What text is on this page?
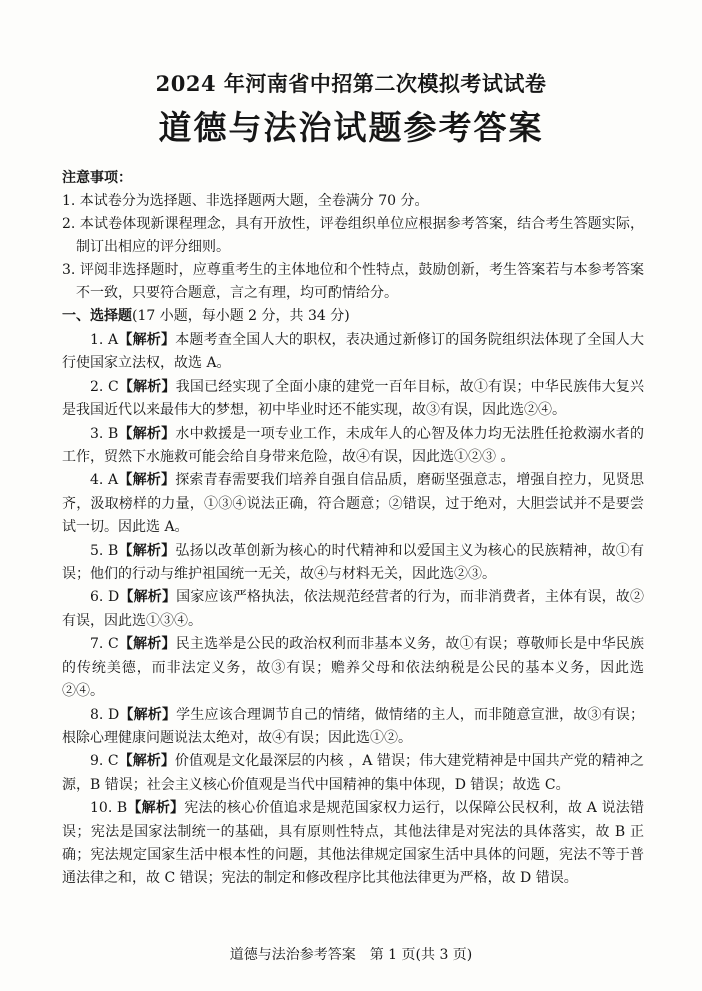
2024 年河南省中招第二次模拟考试试卷
道德与法治试题参考答案
注意事项：

1. 本试卷分为选择题、非选择题两大题，全卷满分 70 分。

2. 本试卷体现新课程理念，具有开放性，评卷组织单位应根据参考答案，结合考生答题实际，制订出相应的评分细则。

3. 评阅非选择题时，应尊重考生的主体地位和个性特点，鼓励创新，考生答案若与本参考答案不一致，只要符合题意，言之有理，均可酌情给分。

一、选择题(17 小题，每小题 2 分，共 34 分)

1. A【解析】本题考查全国人大的职权，表决通过新修订的国务院组织法体现了全国人大行使国家立法权，故选 A。

2. C【解析】我国已经实现了全面小康的建党一百年目标，故①有误；中华民族伟大复兴是我国近代以来最伟大的梦想，初中毕业时还不能实现，故③有误，因此选②④。

3. B【解析】水中救援是一项专业工作，未成年人的心智及体力均无法胜任抢救溺水者的工作，贸然下水施救可能会给自身带来危险，故④有误，因此选①②③ 。

4. A【解析】探索青春需要我们培养自强自信品质，磨砺坚强意志，增强自控力，见贤思齐，汲取榜样的力量，①③④说法正确，符合题意；②错误，过于绝对，大胆尝试并不是要尝试一切。因此选 A。

5. B【解析】弘扬以改革创新为核心的时代精神和以爱国主义为核心的民族精神，故①有误；他们的行动与维护祖国统一无关，故④与材料无关，因此选②③。

6. D【解析】国家应该严格执法，依法规范经营者的行为，而非消费者，主体有误，故②有误，因此选①③④。

7. C【解析】民主选举是公民的政治权利而非基本义务，故①有误；尊敬师长是中华民族的传统美德，而非法定义务，故③有误；赡养父母和依法纳税是公民的基本义务，因此选②④。

8. D【解析】学生应该合理调节自己的情绪，做情绪的主人，而非随意宣泄，故③有误；根除心理健康问题说法太绝对，故④有误；因此选①②。

9. C【解析】价值观是文化最深层的内核 ，A 错误；伟大建党精神是中国共产党的精神之源，B 错误；社会主义核心价值观是当代中国精神的集中体现，D 错误；故选 C。

10. B【解析】宪法的核心价值追求是规范国家权力运行，以保障公民权利，故 A 说法错误；宪法是国家法制统一的基础，具有原则性特点，其他法律是对宪法的具体落实，故 B 正确；宪法规定国家生活中根本性的问题，其他法律规定国家生活中具体的问题，宪法不等于普通法律之和，故 C 错误；宪法的制定和修改程序比其他法律更为严格，故 D 错误。

道德与法治参考答案　第 1 页(共 3 页)
